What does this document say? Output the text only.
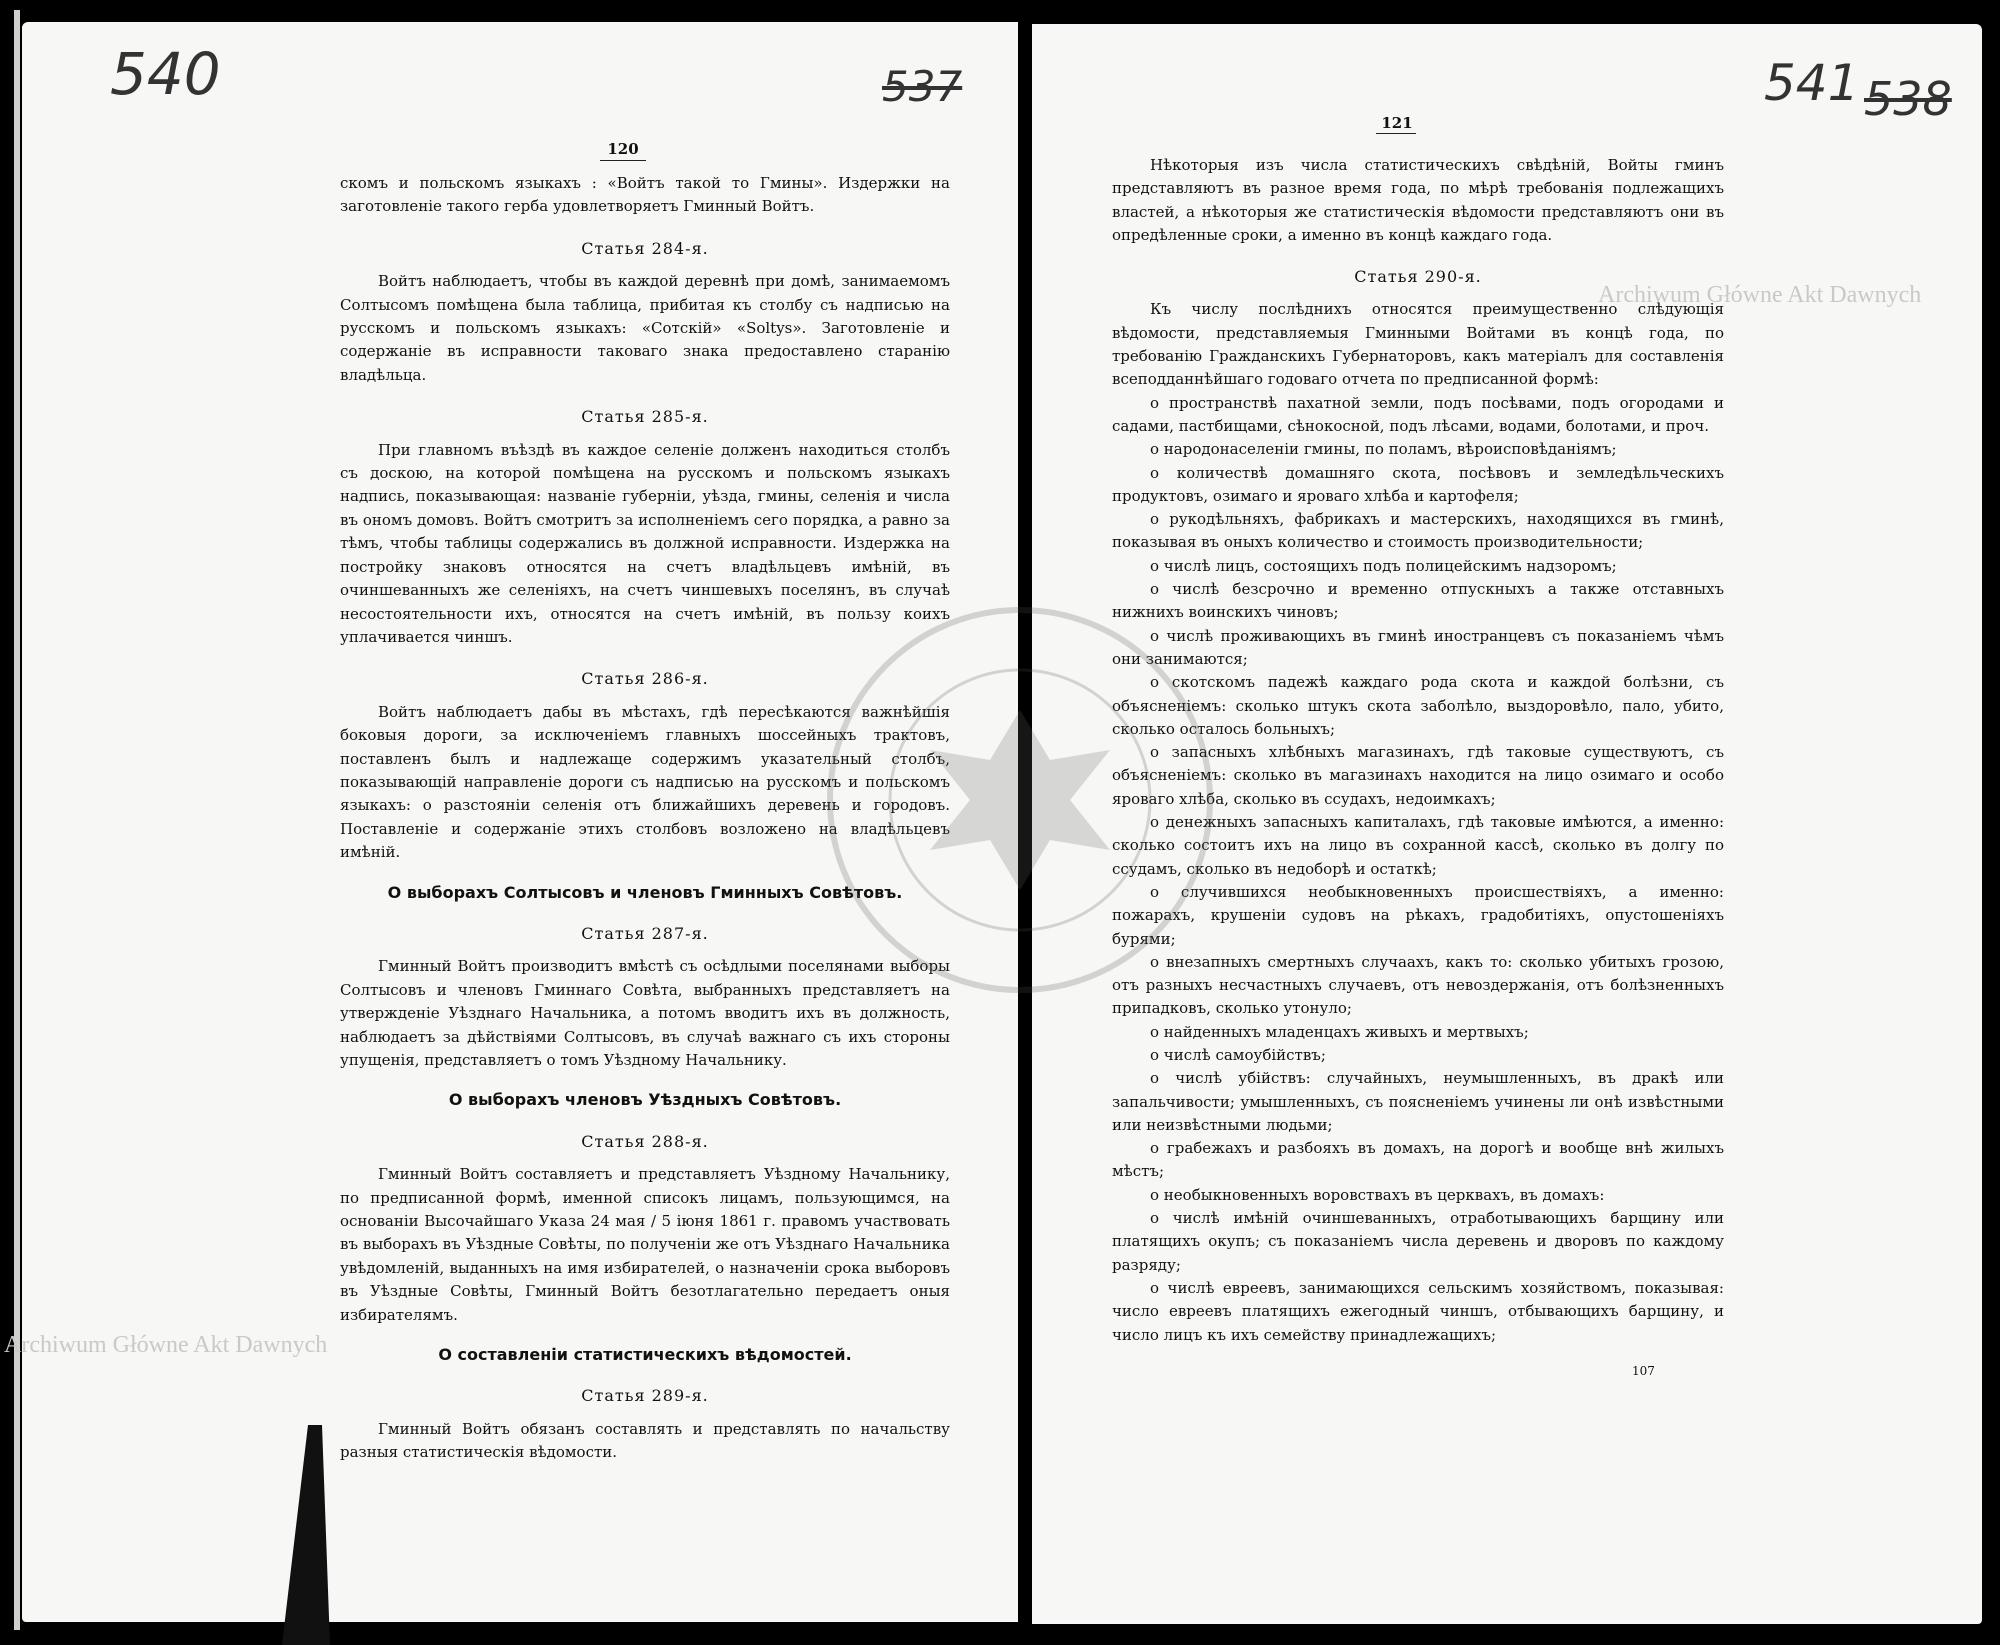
540	537
120

скомъ и польскомъ языкахъ : «Войтъ такой то Гмины». Издержки на заготовленіе такого герба удовлетворяетъ Гминный Войтъ.

Статья 284-я.

Войтъ наблюдаетъ, чтобы въ каждой деревнѣ при домѣ, занимаемомъ Солтысомъ помѣщена была таблица, прибитая къ столбу съ надписью на русскомъ и польскомъ языкахъ: «Сотскій» «Soltys». Заготовленіе и содержаніе въ исправности таковаго знака предоставлено старанію владѣльца.

Статья 285-я.

При главномъ въѣздѣ въ каждое селеніе долженъ находиться столбъ съ доскою, на которой помѣщена на русскомъ и польскомъ языкахъ надпись, показывающая: названіе губерніи, уѣзда, гмины, селенія и числа въ ономъ домовъ. Войтъ смотритъ за исполненіемъ сего порядка, а равно за тѣмъ, чтобы таблицы содержались въ должной исправности. Издержка на постройку знаковъ относятся на счетъ владѣльцевъ имѣній, въ очиншеванныхъ же селеніяхъ, на счетъ чиншевыхъ поселянъ, въ случаѣ несостоятельности ихъ, относятся на счетъ имѣній, въ пользу коихъ уплачивается чиншъ.

Статья 286-я.

Войтъ наблюдаетъ дабы въ мѣстахъ, гдѣ пересѣкаются важнѣйшія боковыя дороги, за исключеніемъ главныхъ шоссейныхъ трактовъ, поставленъ былъ и надлежаще содержимъ указательный столбъ, показывающій направленіе дороги съ надписью на русскомъ и польскомъ языкахъ: о разстояніи селенія отъ ближайшихъ деревень и городовъ. Поставленіе и содержаніе этихъ столбовъ возложено на владѣльцевъ имѣній.

О выборахъ Солтысовъ и членовъ Гминныхъ Совѣтовъ.

Статья 287-я.

Гминный Войтъ производитъ вмѣстѣ съ осѣдлыми поселянами выборы Солтысовъ и членовъ Гминнаго Совѣта, выбранныхъ представляетъ на утвержденіе Уѣзднаго Начальника, а потомъ вводитъ ихъ въ должность, наблюдаетъ за дѣйствіями Солтысовъ, въ случаѣ важнаго съ ихъ стороны упущенія, представляетъ о томъ Уѣздному Начальнику.

О выборахъ членовъ Уѣздныхъ Совѣтовъ.

Статья 288-я.

Гминный Войтъ составляетъ и представляетъ Уѣздному Начальнику, по предписанной формѣ, именной списокъ лицамъ, пользующимся, на основаніи Высочайшаго Указа 24 мая / 5 іюня 1861 г. правомъ участвовать въ выборахъ въ Уѣздные Совѣты, по полученіи же отъ Уѣзднаго Начальника увѣдомленій, выданныхъ на имя избирателей, о назначеніи срока выборовъ въ Уѣздные Совѣты, Гминный Войтъ безотлагательно передаетъ оныя избирателямъ.

О составленіи статистическихъ вѣдомостей.

Статья 289-я.

Гминный Войтъ обязанъ составлять и представлять по начальству разныя статистическія вѣдомости.

Archiwum Główne Akt Dawnych
541 538
121

Нѣкоторыя изъ числа статистическихъ свѣдѣній, Войты гминъ представляютъ въ разное время года, по мѣрѣ требованія подлежащихъ властей, а нѣкоторыя же статистическія вѣдомости представляютъ они въ опредѣленные сроки, а именно въ концѣ каждаго года.

Статья 290-я.

Къ числу послѣднихъ относятся преимущественно слѣдующія вѣдомости, представляемыя Гминными Войтами въ концѣ года, по требованію Гражданскихъ Губернаторовъ, какъ матеріалъ для составленія всеподданнѣйшаго годоваго отчета по предписанной формѣ:

о пространствѣ пахатной земли, подъ посѣвами, подъ огородами и садами, пастбищами, сѣнокосной, подъ лѣсами, водами, болотами, и проч.

о народонаселеніи гмины, по поламъ, вѣроисповѣданіямъ;

о количествѣ домашняго скота, посѣвовъ и земледѣльческихъ продуктовъ, озимаго и яроваго хлѣба и картофеля;

о рукодѣльняхъ, фабрикахъ и мастерскихъ, находящихся въ гминѣ, показывая въ оныхъ количество и стоимость производительности;

о числѣ лицъ, состоящихъ подъ полицейскимъ надзоромъ;

о числѣ безсрочно и временно отпускныхъ а также отставныхъ нижнихъ воинскихъ чиновъ;

о числѣ проживающихъ въ гминѣ иностранцевъ съ показаніемъ чѣмъ они занимаются;

о скотскомъ падежѣ каждаго рода скота и каждой болѣзни, съ объясненіемъ: сколько штукъ скота заболѣло, выздоровѣло, пало, убито, сколько осталось больныхъ;

о запасныхъ хлѣбныхъ магазинахъ, гдѣ таковые существуютъ, съ объясненіемъ: сколько въ магазинахъ находится на лицо озимаго и особо яроваго хлѣба, сколько въ ссудахъ, недоимкахъ;

о денежныхъ запасныхъ капиталахъ, гдѣ таковые имѣются, а именно: сколько состоитъ ихъ на лицо въ сохранной кассѣ, сколько въ долгу по ссудамъ, сколько въ недоборѣ и остаткѣ;

о случившихся необыкновенныхъ происшествіяхъ, а именно: пожарахъ, крушеніи судовъ на рѣкахъ, градобитіяхъ, опустошеніяхъ бурями;

о внезапныхъ смертныхъ случаахъ, какъ то: сколько убитыхъ грозою, отъ разныхъ несчастныхъ случаевъ, отъ невоздержанія, отъ болѣзненныхъ припадковъ, сколько утонуло;

о найденныхъ младенцахъ живыхъ и мертвыхъ;

о числѣ самоубійствъ;

о числѣ убійствъ: случайныхъ, неумышленныхъ, въ дракѣ или запальчивости; умышленныхъ, съ поясненіемъ учинены ли онѣ извѣстными или неизвѣстными людьми;

о грабежахъ и разбояхъ въ домахъ, на дорогѣ и вообще внѣ жилыхъ мѣстъ;

о необыкновенныхъ воровствахъ въ церквахъ, въ домахъ:

о числѣ имѣній очиншеванныхъ, отработывающихъ барщину или платящихъ окупъ; съ показаніемъ числа деревень и дворовъ по каждому разряду;

о числѣ евреевъ, занимающихся сельскимъ хозяйствомъ, показывая: число евреевъ платящихъ ежегодный чиншъ, отбывающихъ барщину, и число лицъ къ ихъ семейству принадлежащихъ;

107
Archiwum Główne Akt Dawnych
